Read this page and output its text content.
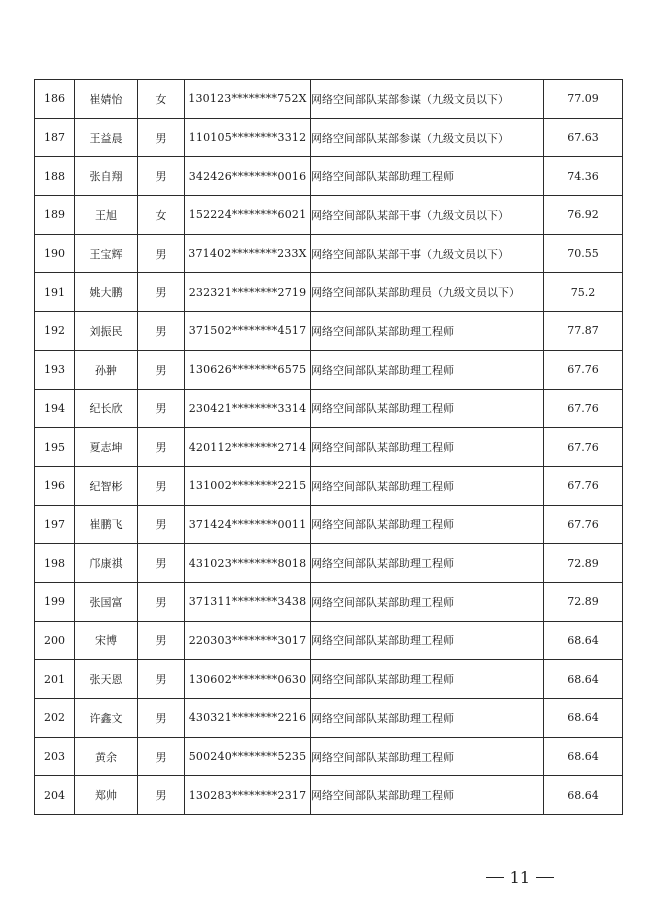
186	崔婧怡	女	130123********752X	网络空间部队某部参谋（九级文员以下）	77.09
187	王益晨	男	110105********3312	网络空间部队某部参谋（九级文员以下）	67.63
188	张自翔	男	342426********0016	网络空间部队某部助理工程师	74.36
189	王旭	女	152224********6021	网络空间部队某部干事（九级文员以下）	76.92
190	王宝辉	男	371402********233X	网络空间部队某部干事（九级文员以下）	70.55
191	姚大鹏	男	232321********2719	网络空间部队某部助理员（九级文员以下）	75.2
192	刘振民	男	371502********4517	网络空间部队某部助理工程师	77.87
193	孙翀	男	130626********6575	网络空间部队某部助理工程师	67.76
194	纪长欣	男	230421********3314	网络空间部队某部助理工程师	67.76
195	夏志坤	男	420112********2714	网络空间部队某部助理工程师	67.76
196	纪智彬	男	131002********2215	网络空间部队某部助理工程师	67.76
197	崔鹏飞	男	371424********0011	网络空间部队某部助理工程师	67.76
198	邝康祺	男	431023********8018	网络空间部队某部助理工程师	72.89
199	张国富	男	371311********3438	网络空间部队某部助理工程师	72.89
200	宋博	男	220303********3017	网络空间部队某部助理工程师	68.64
201	张天恩	男	130602********0630	网络空间部队某部助理工程师	68.64
202	许鑫文	男	430321********2216	网络空间部队某部助理工程师	68.64
203	黄余	男	500240********5235	网络空间部队某部助理工程师	68.64
204	郑帅	男	130283********2317	网络空间部队某部助理工程师	68.64
11
